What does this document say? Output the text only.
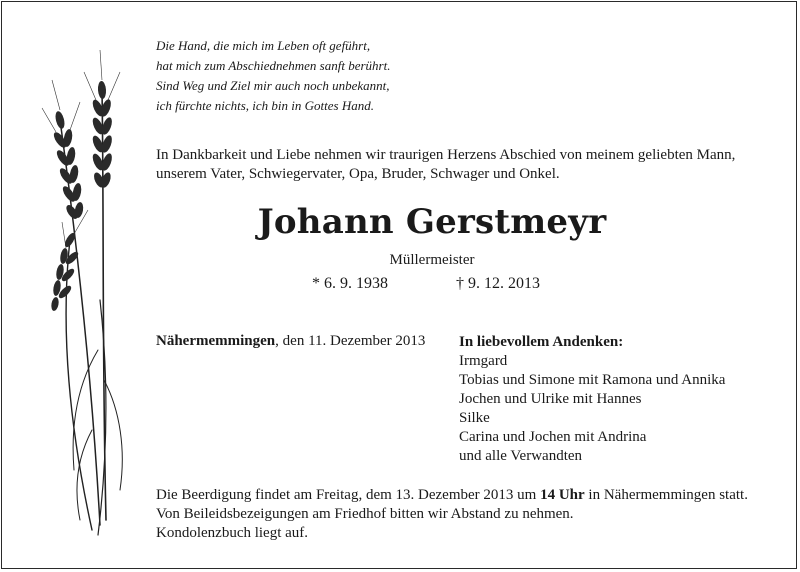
Die Hand, die mich im Leben oft geführt,
hat mich zum Abschiednehmen sanft berührt.
Sind Weg und Ziel mir auch noch unbekannt,
ich fürchte nichts, ich bin in Gottes Hand.
In Dankbarkeit und Liebe nehmen wir traurigen Herzens Abschied von meinem geliebten Mann,
unserem Vater, Schwiegervater, Opa, Bruder, Schwager und Onkel.
Johann Gerstmeyr
Müllermeister
* 6. 9. 1938	† 9. 12. 2013
Nähermemmingen, den 11. Dezember 2013 In liebevollem Andenken:
Irmgard
Tobias und Simone mit Ramona und Annika
Jochen und Ulrike mit Hannes
Silke
Carina und Jochen mit Andrina
und alle Verwandten
Die Beerdigung findet am Freitag, dem 13. Dezember 2013 um 14 Uhr in Nähermemmingen statt.
Von Beileidsbezeigungen am Friedhof bitten wir Abstand zu nehmen.
Kondolenzbuch liegt auf.
